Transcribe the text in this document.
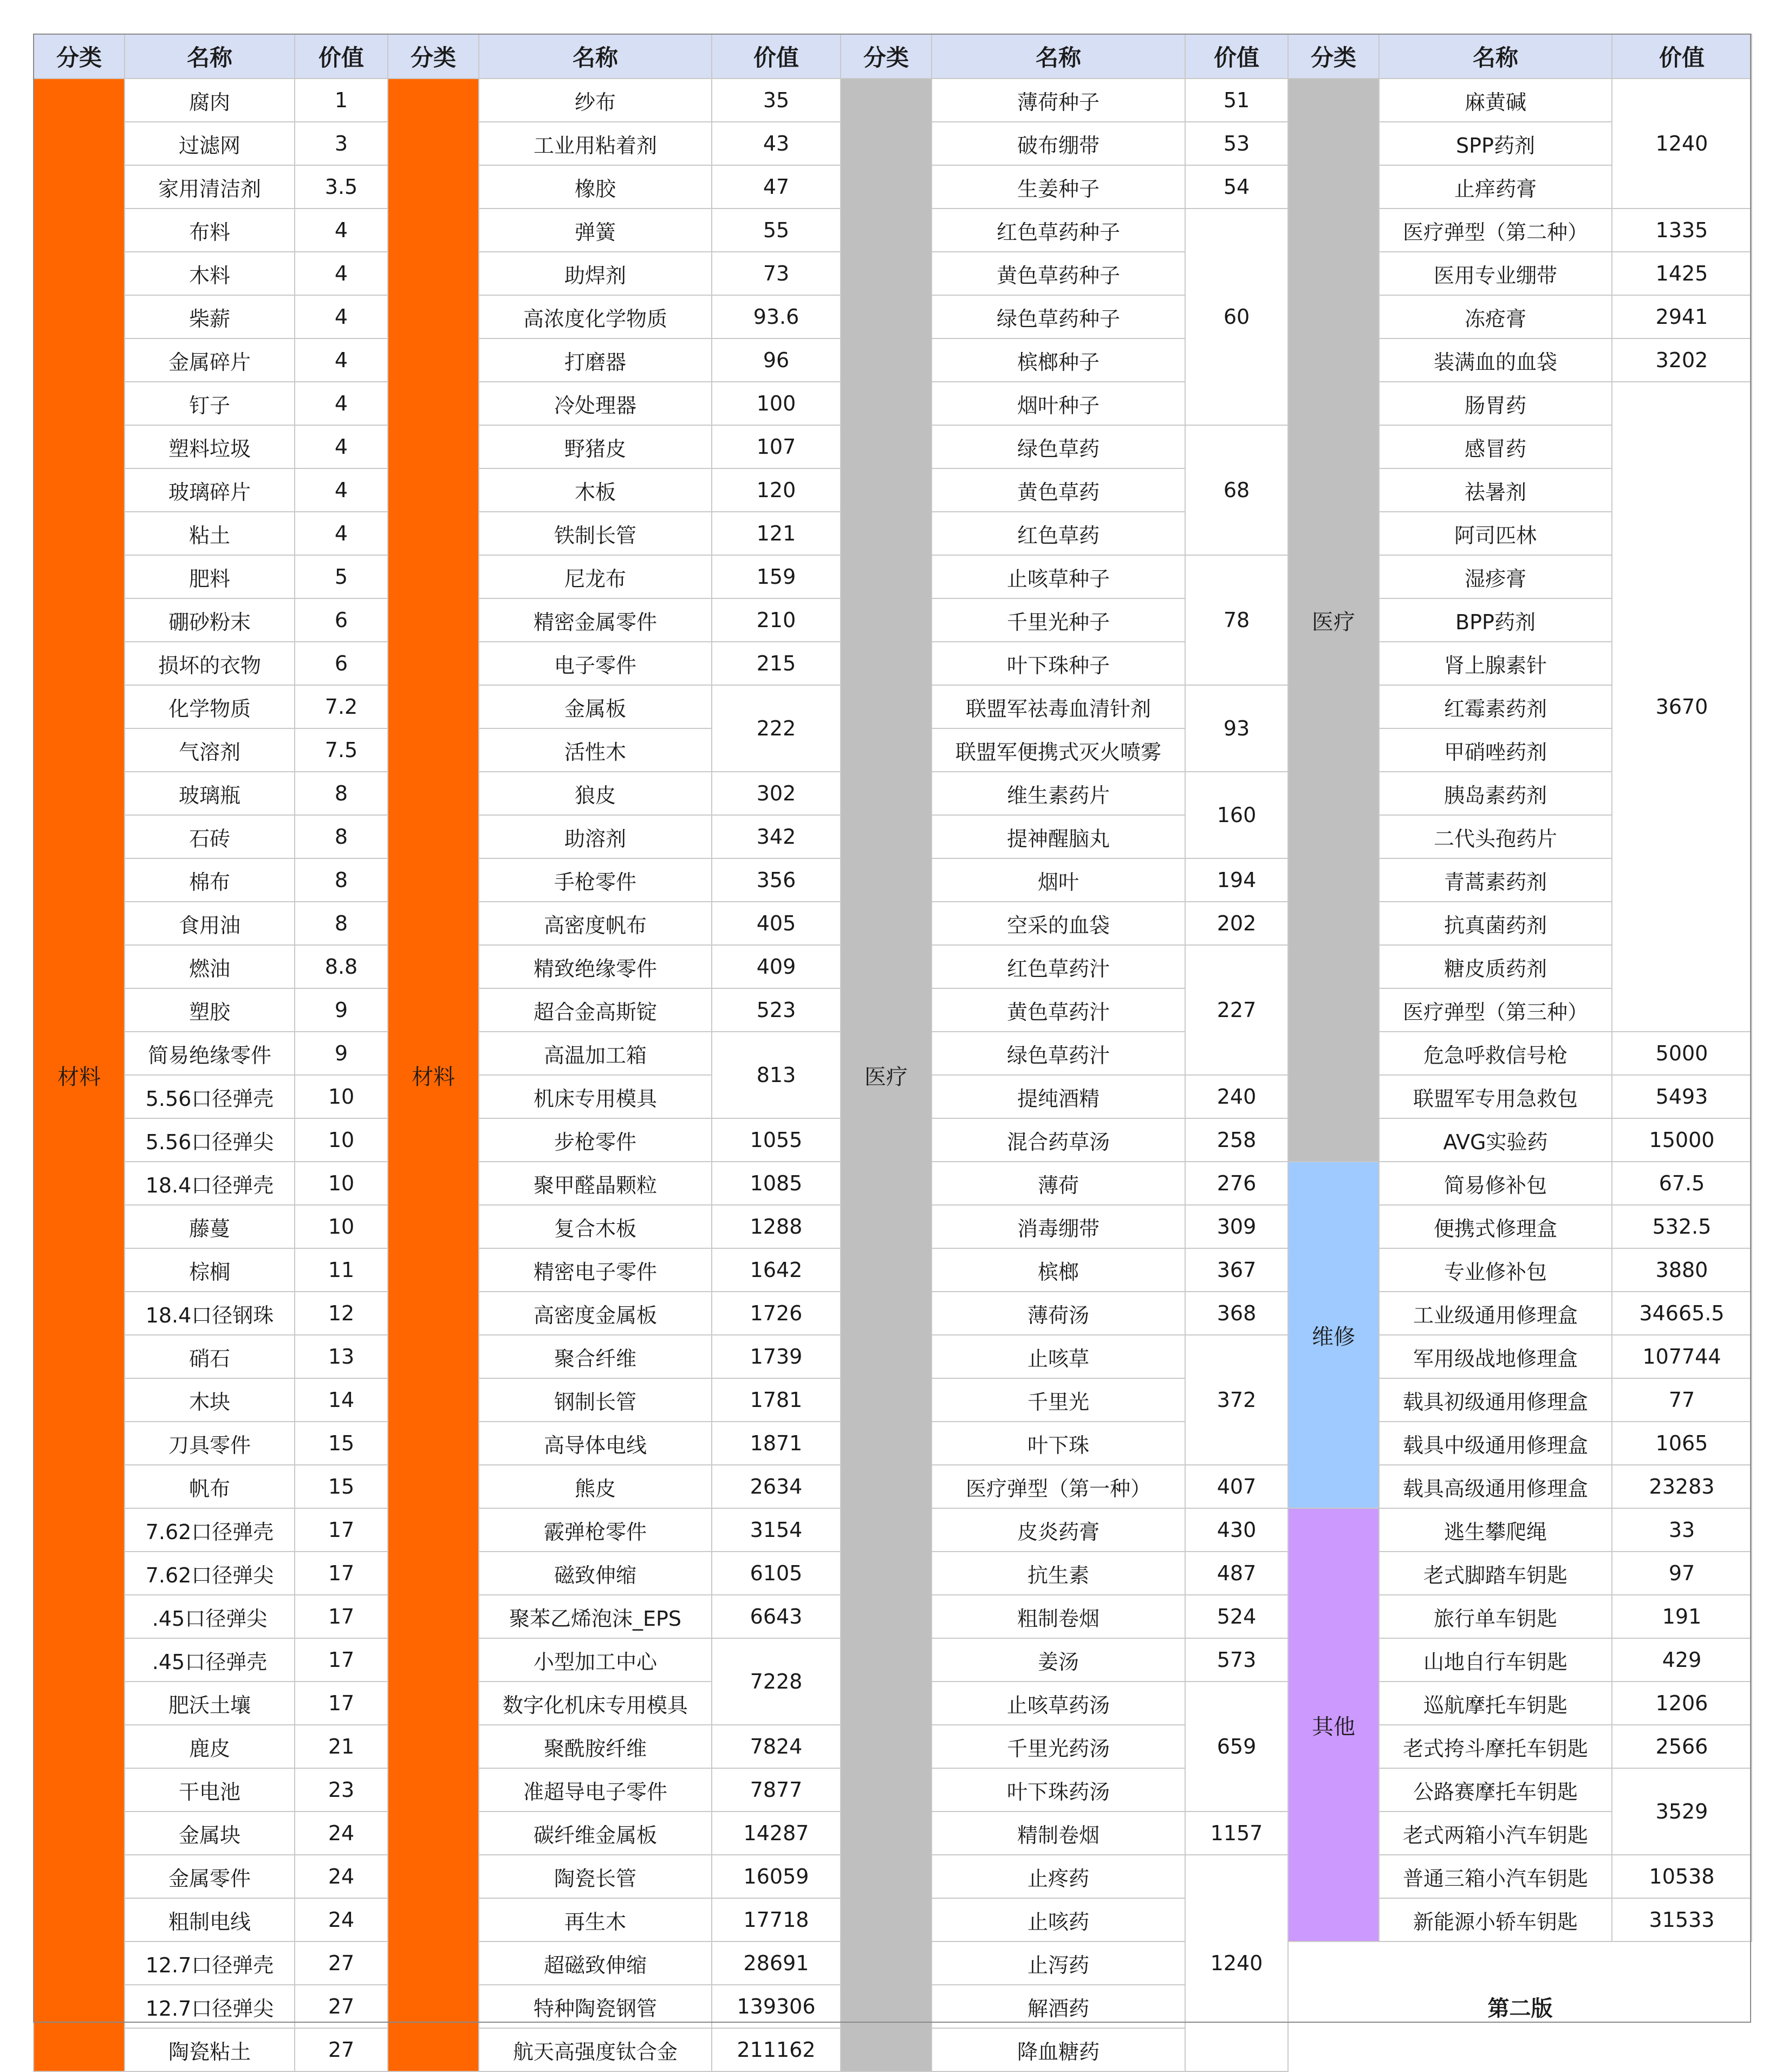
分类	名称	价值	分类	名称	价值	分类	名称	价值	分类	名称	价值
材料	腐肉	1	材料	纱布	35	医疗	薄荷种子	51	医疗	麻黄碱	1240
	过滤网	3		工业用粘着剂	43		破布绷带	53		SPP药剂	
	家用清洁剂	3.5		橡胶	47		生姜种子	54		止痒药膏	
	布料	4		弹簧	55		红色草药种子	60		医疗弹型（第二种）	1335
	木料	4		助焊剂	73		黄色草药种子			医用专业绷带	1425
	柴薪	4		高浓度化学物质	93.6		绿色草药种子			冻疮膏	2941
	金属碎片	4		打磨器	96		槟榔种子			装满血的血袋	3202
	钉子	4		冷处理器	100		烟叶种子			肠胃药	3670
	塑料垃圾	4		野猪皮	107		绿色草药	68		感冒药	
	玻璃碎片	4		木板	120		黄色草药			祛暑剂	
	粘土	4		铁制长管	121		红色草药			阿司匹林	
	肥料	5		尼龙布	159		止咳草种子	78		湿疹膏	
	硼砂粉末	6		精密金属零件	210		千里光种子			BPP药剂	
	损坏的衣物	6		电子零件	215		叶下珠种子			肾上腺素针	
	化学物质	7.2		金属板	222		联盟军祛毒血清针剂	93		红霉素药剂	
	气溶剂	7.5		活性木			联盟军便携式灭火喷雾			甲硝唑药剂	
	玻璃瓶	8		狼皮	302		维生素药片	160		胰岛素药剂	
	石砖	8		助溶剂	342		提神醒脑丸			二代头孢药片	
	棉布	8		手枪零件	356		烟叶	194		青蒿素药剂	
	食用油	8		高密度帆布	405		空采的血袋	202		抗真菌药剂	
	燃油	8.8		精致绝缘零件	409		红色草药汁	227		糖皮质药剂	
	塑胶	9		超合金高斯锭	523		黄色草药汁			医疗弹型（第三种）	
	简易绝缘零件	9		高温加工箱	813		绿色草药汁			危急呼救信号枪	5000
	5.56口径弹壳	10		机床专用模具			提纯酒精	240		联盟军专用急救包	5493
	5.56口径弹尖	10		步枪零件	1055		混合药草汤	258		AVG实验药	15000
	18.4口径弹壳	10		聚甲醛晶颗粒	1085		薄荷	276	维修	简易修补包	67.5
	藤蔓	10		复合木板	1288		消毒绷带	309		便携式修理盒	532.5
	棕榈	11		精密电子零件	1642		槟榔	367		专业修补包	3880
	18.4口径钢珠	12		高密度金属板	1726		薄荷汤	368		工业级通用修理盒	34665.5
	硝石	13		聚合纤维	1739		止咳草	372		军用级战地修理盒	107744
	木块	14		钢制长管	1781		千里光			载具初级通用修理盒	77
	刀具零件	15		高导体电线	1871		叶下珠			载具中级通用修理盒	1065
	帆布	15		熊皮	2634		医疗弹型（第一种）	407		载具高级通用修理盒	23283
	7.62口径弹壳	17		霰弹枪零件	3154		皮炎药膏	430	其他	逃生攀爬绳	33
	7.62口径弹尖	17		磁致伸缩	6105		抗生素	487		老式脚踏车钥匙	97
	.45口径弹尖	17		聚苯乙烯泡沫_EPS	6643		粗制卷烟	524		旅行单车钥匙	191
	.45口径弹壳	17		小型加工中心	7228		姜汤	573		山地自行车钥匙	429
	肥沃土壤	17		数字化机床专用模具			止咳草药汤	659		巡航摩托车钥匙	1206
	鹿皮	21		聚酰胺纤维	7824		千里光药汤			老式挎斗摩托车钥匙	2566
	干电池	23		准超导电子零件	7877		叶下珠药汤			公路赛摩托车钥匙	3529
	金属块	24		碳纤维金属板	14287		精制卷烟	1157		老式两箱小汽车钥匙	
	金属零件	24		陶瓷长管	16059		止疼药	1240		普通三箱小汽车钥匙	10538
	粗制电线	24		再生木	17718		止咳药			新能源小轿车钥匙	31533
	12.7口径弹壳	27		超磁致伸缩	28691		止泻药		第二版		
	12.7口径弹尖	27		特种陶瓷钢管	139306		解酒药				
	陶瓷粘土	27		航天高强度钛合金	211162		降血糖药				
